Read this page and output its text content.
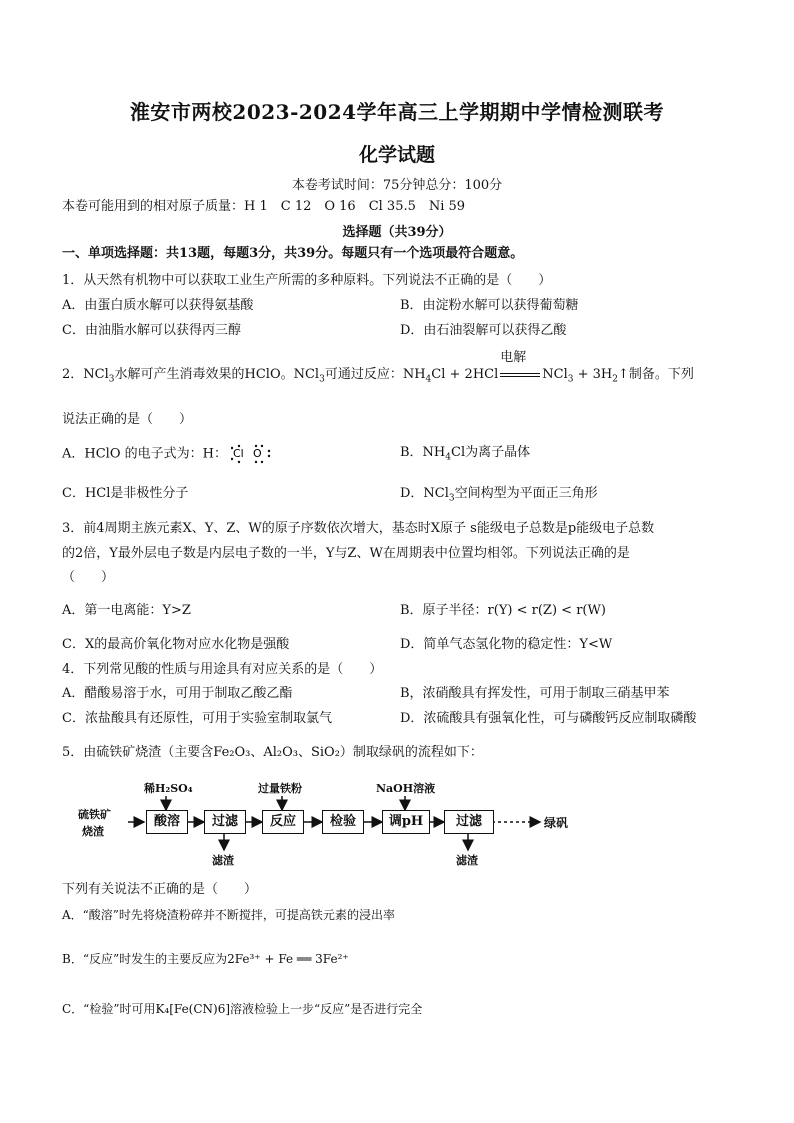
淮安市两校2023-2024学年高三上学期期中学情检测联考
化学试题
本卷考试时间：75分钟总分：100分
本卷可能用到的相对原子质量：H 1　C 12　O 16　Cl 35.5　Ni 59
选择题（共39分）
一、单项选择题：共13题，每题3分，共39分。每题只有一个选项最符合题意。
1．从天然有机物中可以获取工业生产所需的多种原料。下列说法不正确的是（　　）
A．由蛋白质水解可以获得氨基酸	B．由淀粉水解可以获得葡萄糖
C．由油脂水解可以获得丙三醇	D．由石油裂解可以获得乙酸
2．NCl$_3$水解可产生消毒效果的HClO。NCl$_3$可通过反应：$NH_4Cl + 2HCl$
电解
$NCl_3 + 3H_2↑$制备。下列
说法正确的是（　　）
A．HClO 的电子式为：H： Cl O	B．$NH_4Cl$为离子晶体
C．HCl是非极性分子	D．NCl$_3$空间构型为平面正三角形
3．前4周期主族元素X、Y、Z、W的原子序数依次增大，基态时X原子 s能级电子总数是p能级电子总数
的2倍，Y最外层电子数是内层电子数的一半，Y与Z、W在周期表中位置均相邻。下列说法正确的是
（　　）
A．第一电离能：Y>Z	B．原子半径：r(Y) < r(Z) < r(W)
C．X的最高价氧化物对应水化物是强酸	D．简单气态氢化物的稳定性：Y<W
4．下列常见酸的性质与用途具有对应关系的是（　　）
A．醋酸易溶于水，可用于制取乙酸乙酯	B，浓硝酸具有挥发性，可用于制取三硝基甲苯
C．浓盐酸具有还原性，可用于实验室制取氯气	D．浓硫酸具有强氧化性，可与磷酸钙反应制取磷酸
5．由硫铁矿烧渣（主要含Fe₂O₃、Al₂O₃、SiO₂）制取绿矾的流程如下：
硫铁矿
烧渣
稀H₂SO₄	过量铁粉	NaOH溶液
酸溶	过滤	反应	检验	调pH	过滤	绿矾
滤渣	滤渣
下列有关说法不正确的是（　　）
A．“酸溶”时先将烧渣粉碎并不断搅拌，可提高铁元素的浸出率
B．“反应”时发生的主要反应为2Fe³⁺ + Fe ══ 3Fe²⁺
C．“检验”时可用K₄[Fe(CN)6]溶液检验上一步“反应”是否进行完全
